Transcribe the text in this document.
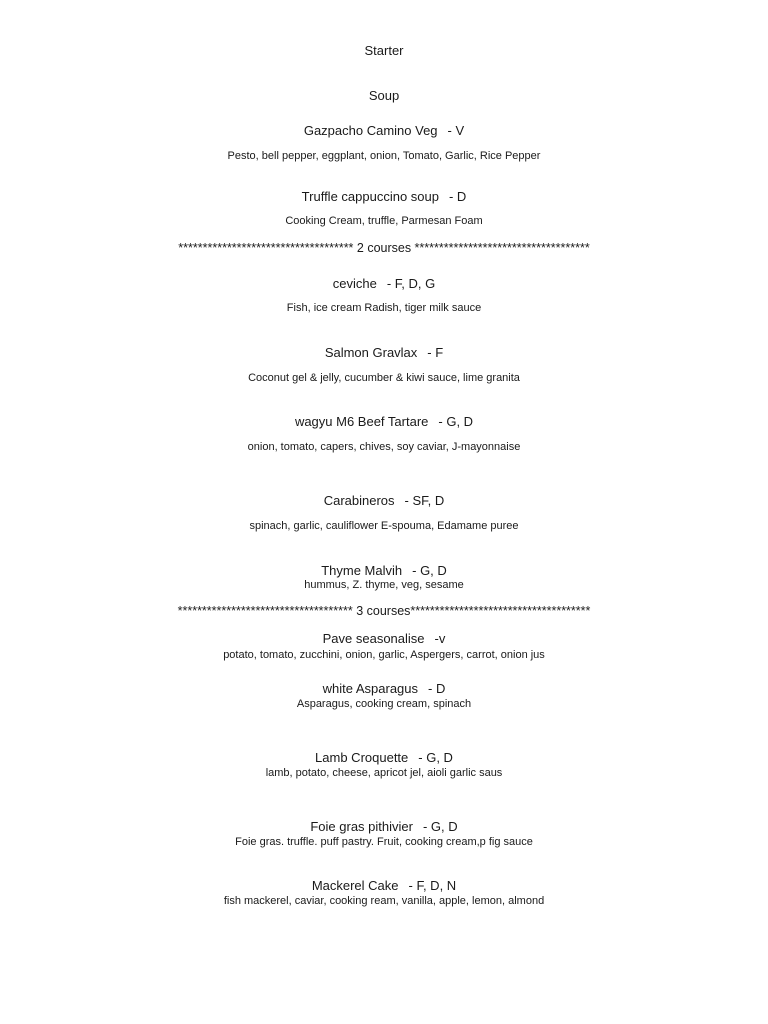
Starter
Soup
Gazpacho Camino Veg - V
Pesto, bell pepper, eggplant, onion, Tomato, Garlic, Rice Pepper
Truffle cappuccino soup - D
Cooking Cream, truffle, Parmesan Foam
************************************ 2 courses ************************************
ceviche - F, D, G
Fish, ice cream Radish, tiger milk sauce
Salmon Gravlax - F
Coconut gel & jelly, cucumber & kiwi sauce, lime granita
wagyu M6 Beef Tartare - G, D
onion, tomato, capers, chives, soy caviar, J-mayonnaise
Carabineros - SF, D
spinach, garlic, cauliflower E-spouma, Edamame puree
Thyme Malvih - G, D
hummus, Z. thyme, veg, sesame
************************************ 3 courses*************************************
Pave seasonalise -v
potato, tomato, zucchini, onion, garlic, Aspergers, carrot, onion jus
white Asparagus - D
Asparagus, cooking cream, spinach
Lamb Croquette - G, D
lamb, potato, cheese, apricot jel, aioli garlic saus
Foie gras pithivier - G, D
Foie gras. truffle. puff pastry. Fruit, cooking cream,p fig sauce
Mackerel Cake - F, D, N
fish mackerel, caviar, cooking ream, vanilla, apple, lemon, almond
